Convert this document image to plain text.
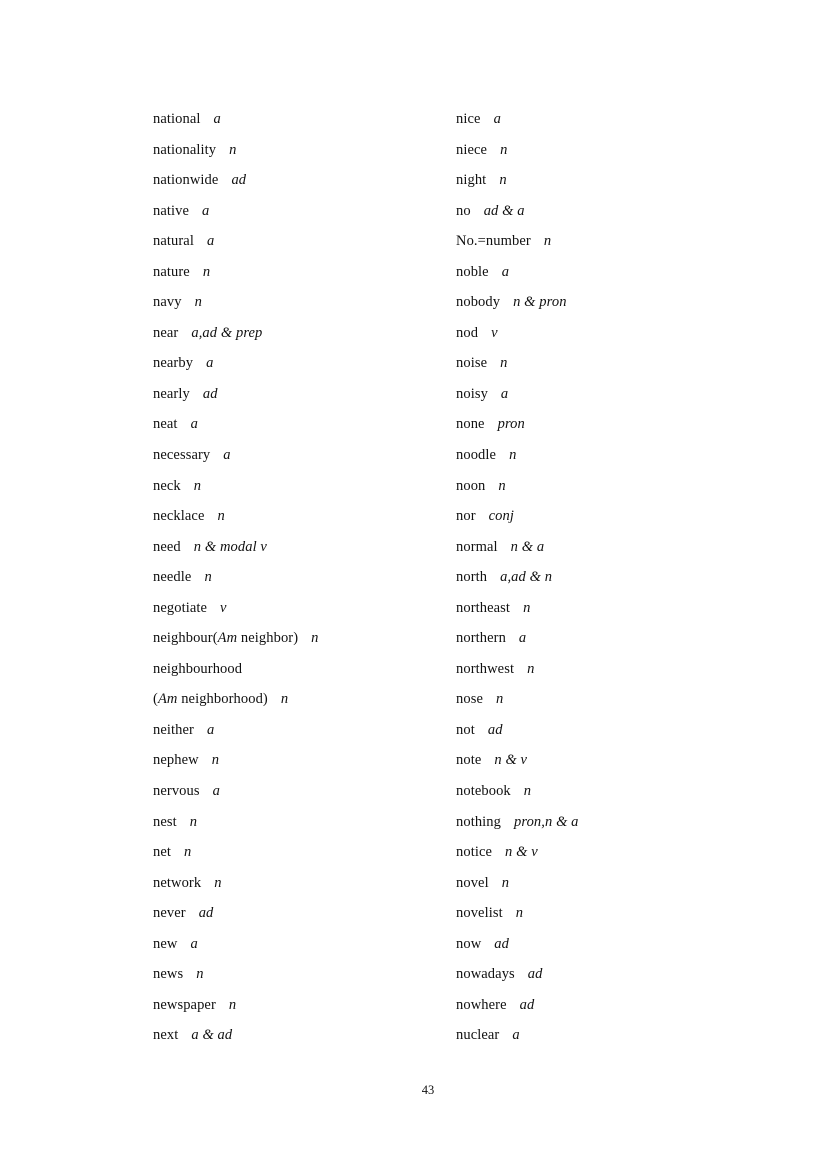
national a
nationality n
nationwide ad
native a
natural a
nature n
navy n
near a,ad & prep
nearby a
nearly ad
neat a
necessary a
neck n
necklace n
need n & modal v
needle n
negotiate v
neighbour(Am neighbor) n
neighbourhood
(Am neighborhood) n
neither a
nephew n
nervous a
nest n
net n
network n
never ad
new a
news n
newspaper n
next a & ad
nice a
niece n
night n
no ad & a
No.=number n
noble a
nobody n & pron
nod v
noise n
noisy a
none pron
noodle n
noon n
nor conj
normal n & a
north a,ad & n
northeast n
northern a
northwest n
nose n
not ad
note n & v
notebook n
nothing pron,n & a
notice n & v
novel n
novelist n
now ad
nowadays ad
nowhere ad
nuclear a
43
